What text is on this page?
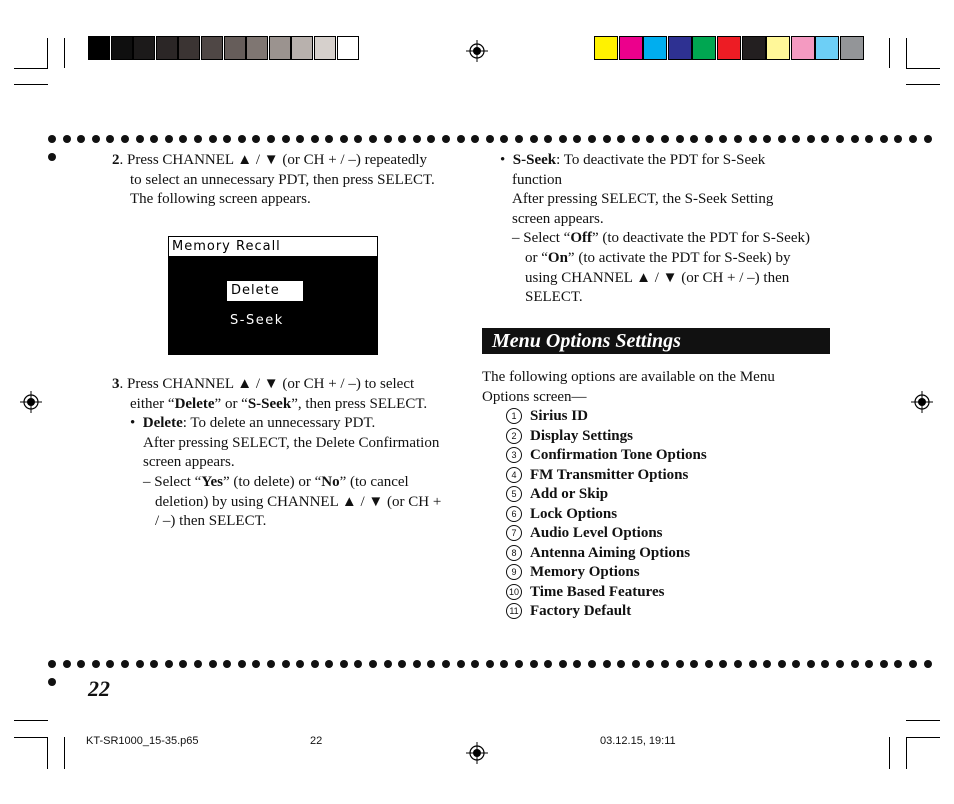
2. Press CHANNEL ▲ / ▼ (or CH + / –) repeatedly
to select an unnecessary PDT, then press SELECT.
The following screen appears.
Memory Recall
Delete
S-Seek
3. Press CHANNEL ▲ / ▼ (or CH + / –) to select
either “Delete” or “S-Seek”, then press SELECT.
•  Delete: To delete an unnecessary PDT.
After pressing SELECT, the Delete Confirmation
screen appears.
– Select “Yes” (to delete) or “No” (to cancel
deletion) by using CHANNEL ▲ / ▼ (or CH +
/ –) then SELECT.
•  S-Seek: To deactivate the PDT for S-Seek
function
After pressing SELECT, the S-Seek Setting
screen appears.
– Select “Off” (to deactivate the PDT for S-Seek)
or “On” (to activate the PDT for S-Seek) by
using CHANNEL ▲ / ▼ (or CH + / –) then
SELECT.
Menu Options Settings
The following options are available on the Menu
Options screen—
1 Sirius ID
2 Display Settings
3 Confirmation Tone Options
4 FM Transmitter Options
5 Add or Skip
6 Lock Options
7 Audio Level Options
8 Antenna Aiming Options
9 Memory Options
10 Time Based Features
11 Factory Default
22
KT-SR1000_15-35.p65	22	03.12.15, 19:11
